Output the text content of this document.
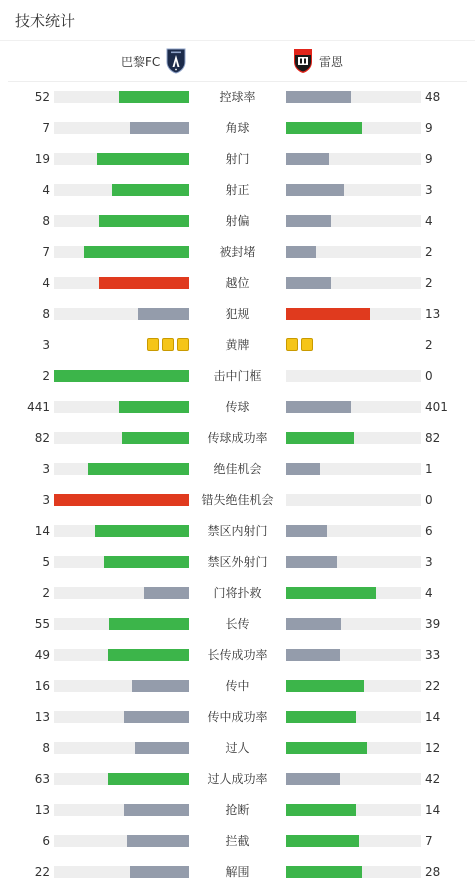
技术统计
巴黎FC	雷恩
52	控球率	48
7	角球	9
19	射门	9
4	射正	3
8	射偏	4
7	被封堵	2
4	越位	2
8	犯规	13
3	黄牌	2
2	击中门框	0
441	传球	401
82	传球成功率	82
3	绝佳机会	1
3	错失绝佳机会	0
14	禁区内射门	6
5	禁区外射门	3
2	门将扑救	4
55	长传	39
49	长传成功率	33
16	传中	22
13	传中成功率	14
8	过人	12
63	过人成功率	42
13	抢断	14
6	拦截	7
22	解围	28
